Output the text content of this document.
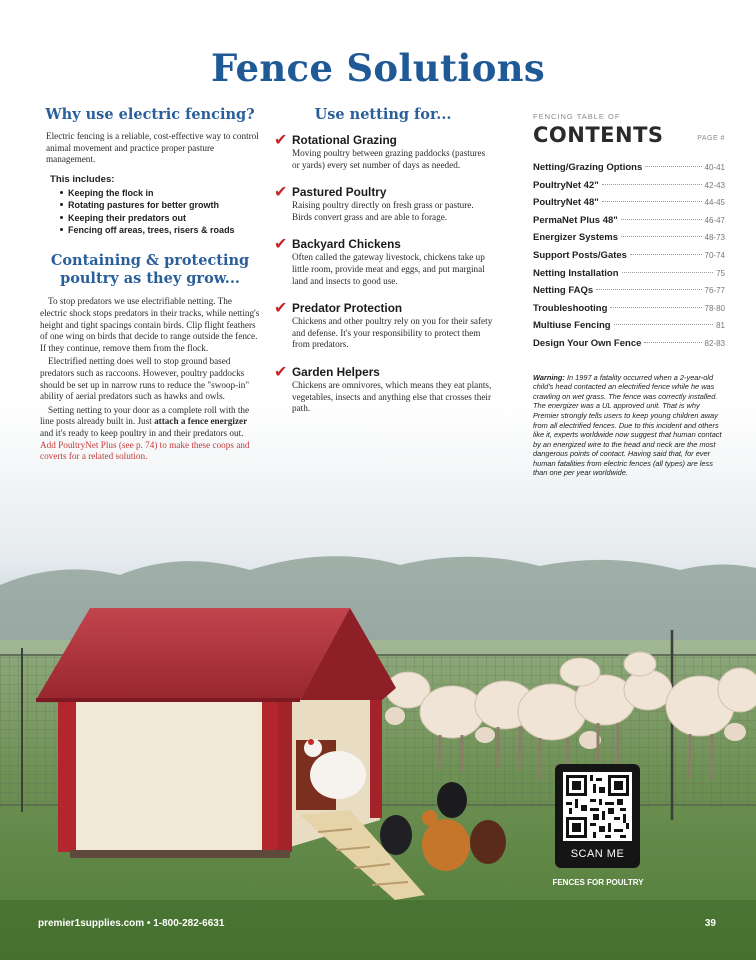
Fence Solutions
Why use electric fencing?
Electric fencing is a reliable, cost-effective way to control animal movement and practice proper pasture management.
This includes:
Keeping the flock in
Rotating pastures for better growth
Keeping their predators out
Fencing off areas, trees, risers & roads
Containing & protecting poultry as they grow...
To stop predators we use electrifiable netting. The electric shock stops predators in their tracks, while netting's height and tight spacings contain birds. Clip flight feathers of one wing on birds that decide to range outside the fence. If they continue, remove them from the flock.
Electrified netting does well to stop ground based predators such as raccoons. However, poultry paddocks should be set up in narrow runs to reduce the "swoop-in" ability of aerial predators such as hawks and owls.
Setting netting to your door as a complete roll with the line posts already built in. Just attach a fence energizer and it's ready to keep poultry in and their predators out. Add PoultryNet Plus (see p. 74) to make these coops and coverts for a related solution.
Use netting for...
✔ Rotational Grazing
Moving poultry between grazing paddocks (pastures or yards) every set number of days as needed.
✔ Pastured Poultry
Raising poultry directly on fresh grass or pasture. Birds convert grass and are able to forage.
✔ Backyard Chickens
Often called the gateway livestock, chickens take up little room, provide meat and eggs, and put marginal land and insects to good use.
✔ Predator Protection
Chickens and other poultry rely on you for their safety and defense. It's your responsibility to protect them from predators.
✔ Garden Helpers
Chickens are omnivores, which means they eat plants, vegetables, insects and anything else that crosses their path.
FENCING TABLE OF
CONTENTS	PAGE #
Netting/Grazing Options	40-41
PoultryNet 42"	42-43
PoultryNet 48"	44-45
PermaNet Plus 48"	46-47
Energizer Systems	48-73
Support Posts/Gates	70-74
Netting Installation	75
Netting FAQs	76-77
Troubleshooting	78-80
Multiuse Fencing	81
Design Your Own Fence	82-83
Warning: In 1997 a fatality occurred when a 2-year-old child's head contacted an electrified fence while he was crawling on wet grass. The fence was correctly installed. The energizer was a UL approved unit. That is why Premier strongly tells users to keep young children away from all electrified fences. Due to this incident and others like it, experts worldwide now suggest that human contact by an energized wire to the head and neck are the most dangerous points of contact. Having said that, for ever human fatalities from electric fences (all types) are less than one per year worldwide.
SCAN ME
FENCES FOR POULTRY
premier1supplies.com • 1-800-282-6631	39
